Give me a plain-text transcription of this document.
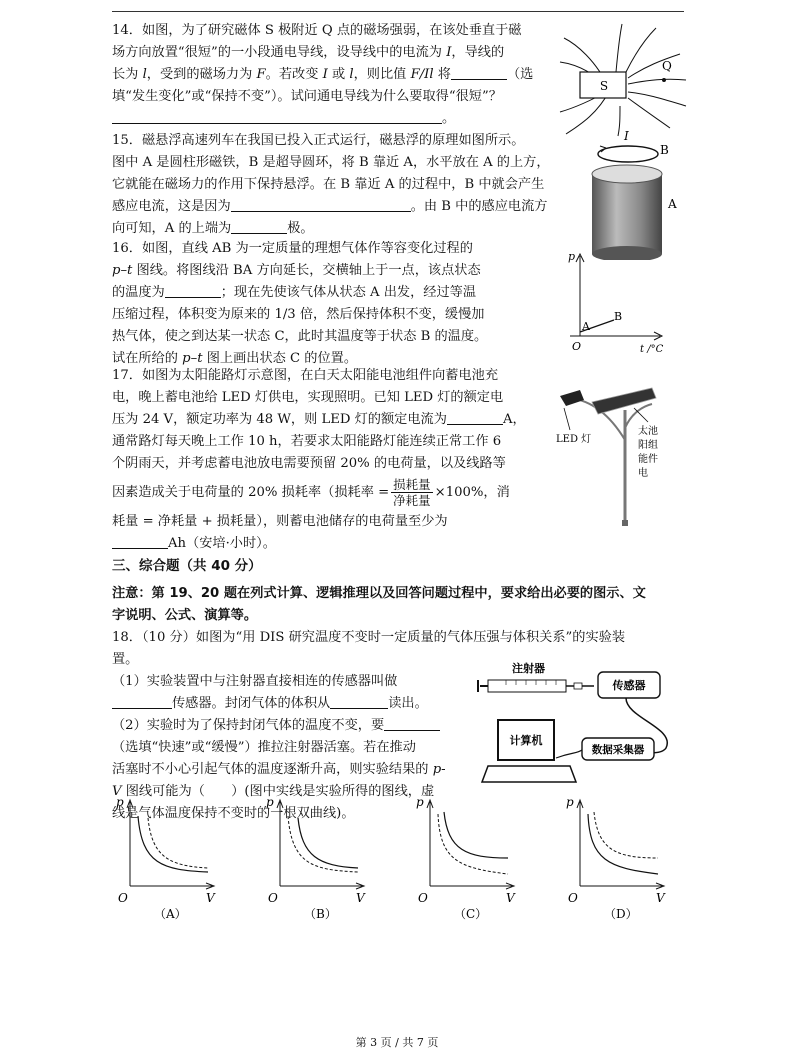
14．如图，为了研究磁体 S 极附近 Q 点的磁场强弱，在该处垂直于磁

场方向放置“很短”的一小段通电导线，设导线中的电流为 I，导线的

长为 l，受到的磁场力为 F。若改变 I 或 l，则比值 F/Il 将	（选

填“发生变化”或“保持不变”）。试问通电导线为什么要取得“很短”？

。

S
Q

15．磁悬浮高速列车在我国已投入正式运行，磁悬浮的原理如图所示。

图中 A 是圆柱形磁铁，B 是超导圆环，将 B 靠近 A，水平放在 A 的上方，

它就能在磁场力的作用下保持悬浮。在 B 靠近 A 的过程中，B 中就会产生

感应电流，这是因为	。由 B 中的感应电流方

向可知，A 的上端为	极。

I
B
A

16．如图，直线 AB 为一定质量的理想气体作等容变化过程的

p–t 图线。将图线沿 BA 方向延长，交横轴上于一点，该点状态

的温度为	；现在先使该气体从状态 A 出发，经过等温

压缩过程，体积变为原来的 1/3 倍，然后保持体积不变，缓慢加

热气体，使之到达某一状态 C，此时其温度等于状态 B 的温度。

试在所给的 p–t 图上画出状态 C 的位置。

p
O	t /°C
A
B

17．如图为太阳能路灯示意图，在白天太阳能电池组件向蓄电池充

电，晚上蓄电池给 LED 灯供电，实现照明。已知 LED 灯的额定电

压为 24 V，额定功率为 48 W，则 LED 灯的额定电流为	A，

通常路灯每天晚上工作 10 h，若要求太阳能路灯能连续正常工作 6

个阴雨天，并考虑蓄电池放电需要预留 20% 的电荷量，以及线路等

因素造成关于电荷量的 20% 损耗率（损耗率 = $\frac{\text{损耗量}}{\text{净耗量}} \times 100\%$，消

耗量 = 净耗量 + 损耗量），则蓄电池储存的电荷量至少为

Ah（安培·小时）。

LED 灯
太池
阳组
能件
电

三、综合题（共 40 分）

注意：第 19、20 题在列式计算、逻辑推理以及回答问题过程中，要求给出必要的图示、文

字说明、公式、演算等。

18．（10 分）如图为“用 DIS 研究温度不变时一定质量的气体压强与体积关系”的实验装

置。

（1）实验装置中与注射器直接相连的传感器叫做

传感器。封闭气体的体积从	读出。

（2）实验时为了保持封闭气体的温度不变，要

（选填“快速”或“缓慢”）推拉注射器活塞。若在推动

活塞时不小心引起气体的温度逐渐升高，则实验结果的 p-

V 图线可能为（　　）(图中实线是实验所得的图线，虚

线是气体温度保持不变时的一根双曲线)。

注射器
传感器
计算机
数据采集器
p
O	V
（A）
p
O	V
（B）
p
O	V
（C）
p
O	V
（D）
第 3 页 / 共 7 页
